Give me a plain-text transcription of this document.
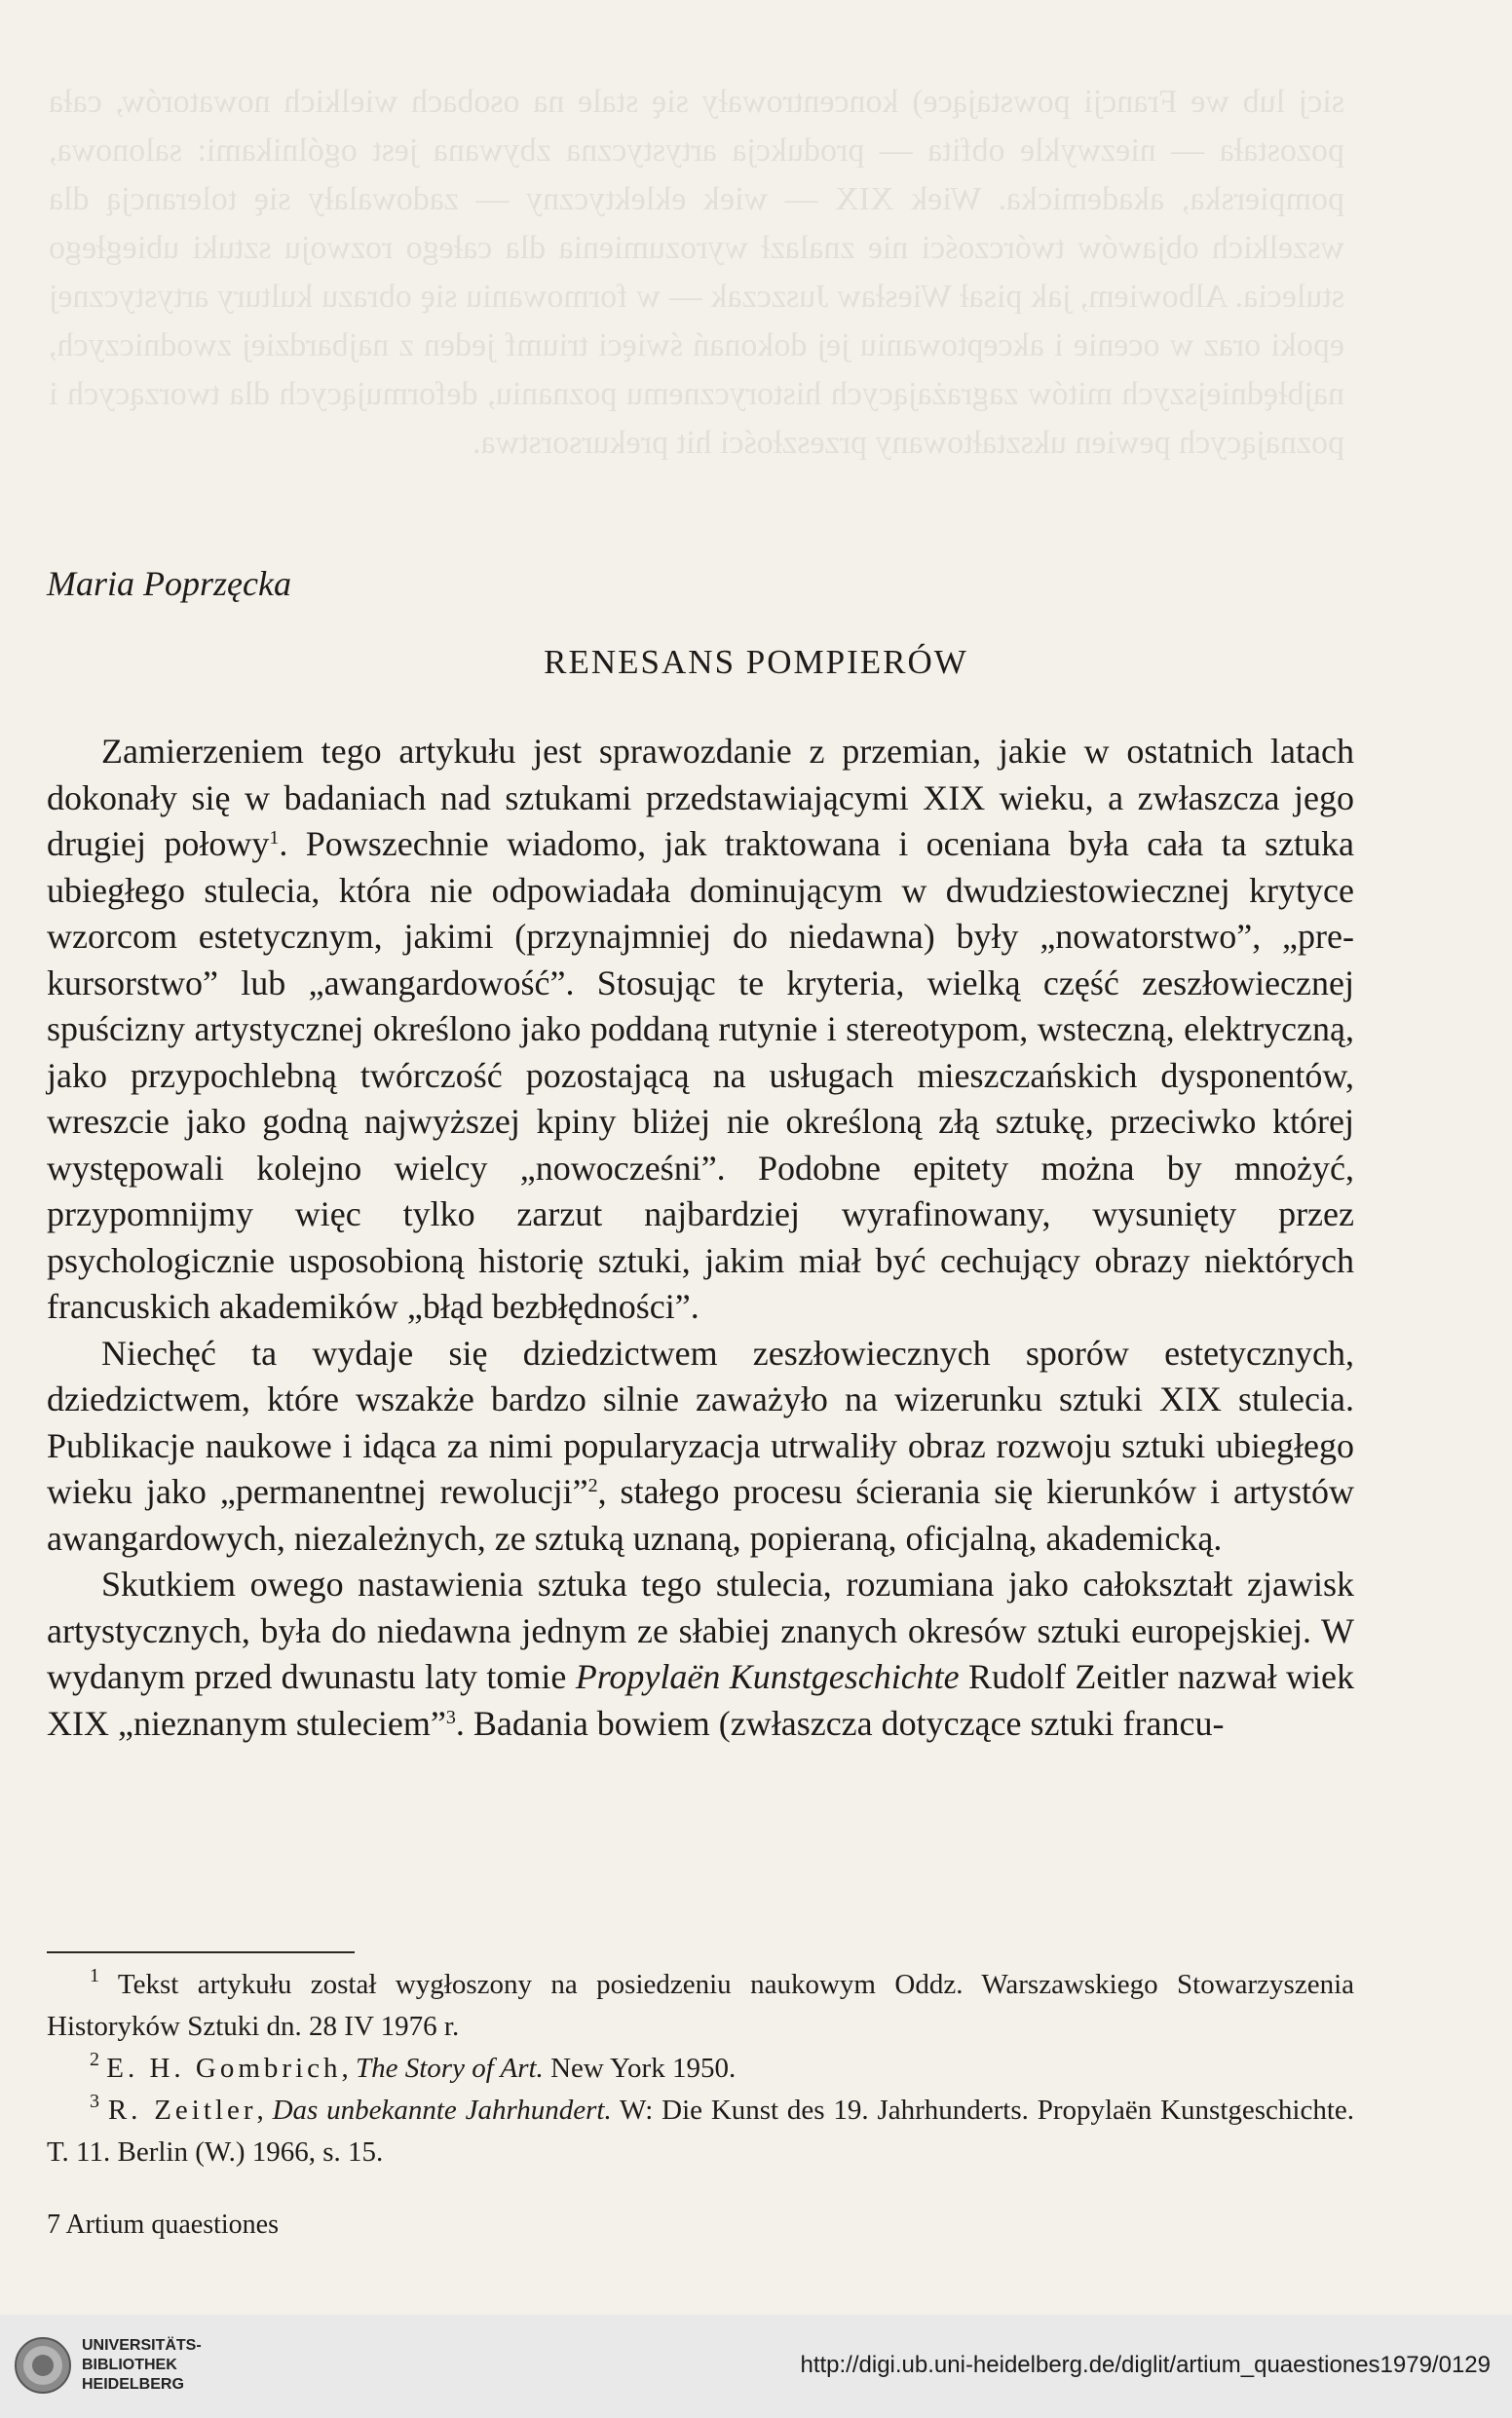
sicj lub we Francji powstające) koncentrowały się stale na osobach wielkich nowatorów, cała pozostała — niezwykle obfita — produkcja artystyczna zbywana jest ogólnikami: salonowa, pompierska, akademicka. Wiek XIX — wiek eklektyczny — zadowalały się tolerancją dla wszelkich objawów twórczości nie znalazł wyrozumienia dla całego rozwoju sztuki ubiegłego stulecia. Albowiem, jak pisał Wiesław Juszczak — w formowaniu się obrazu kultury artystycznej epoki oraz w ocenie i akceptowaniu jej dokonań święci triumf jeden z najbardziej zwodniczych, najbłędniejszych mitów zagrażających historycznemu poznaniu, deformujących dla tworzących i poznających pewien ukształtowany przeszłości hit prekursorstwa.

Maria Poprzęcka
RENESANS POMPIERÓW

Zamierzeniem tego artykułu jest sprawozdanie z przemian, jakie w ostatnich latach dokonały się w badaniach nad sztukami przedstawiającymi XIX wieku, a zwłaszcza jego drugiej połowy$^1$. Powszechnie wiadomo, jak traktowana i oceniana była cała ta sztuka ubiegłego stulecia, która nie odpowiadała dominującym w dwudziestowiecznej krytyce wzorcom estetycznym, jakimi (przynajmniej do niedawna) były „nowatorstwo”, „prekursorstwo” lub „awangardowość”. Stosując te kryteria, wielką część zeszłowiecznej spuścizny artystycznej określono jako poddaną rutynie i stereotypom, wsteczną, elektryczną, jako przypochlebną twórczość pozostającą na usługach mieszczańskich dysponentów, wreszcie jako godną najwyższej kpiny bliżej nie określoną złą sztukę, przeciwko której występowali kolejno wielcy „nowocześni”. Podobne epitety można by mnożyć, przypomnijmy więc tylko zarzut najbardziej wyrafinowany, wysunięty przez psychologicznie usposobioną historię sztuki, jakim miał być cechujący obrazy niektórych francuskich akademików „błąd bezbłędności”.

Niechęć ta wydaje się dziedzictwem zeszłowiecznych sporów estetycznych, dziedzictwem, które wszakże bardzo silnie zaważyło na wizerunku sztuki XIX stulecia. Publikacje naukowe i idąca za nimi popularyzacja utrwaliły obraz rozwoju sztuki ubiegłego wieku jako „permanentnej rewolucji”$^2$, stałego procesu ścierania się kierunków i artystów awangardowych, niezależnych, ze sztuką uznaną, popieraną, oficjalną, akademicką.

Skutkiem owego nastawienia sztuka tego stulecia, rozumiana jako całokształt zjawisk artystycznych, była do niedawna jednym ze słabiej znanych okresów sztuki europejskiej. W wydanym przed dwunastu laty tomie Propylaën Kunstgeschichte Rudolf Zeitler nazwał wiek XIX „nieznanym stuleciem”$^3$. Badania bowiem (zwłaszcza dotyczące sztuki francu-

$^1$ Tekst artykułu został wygłoszony na posiedzeniu naukowym Oddz. Warszawskiego Stowarzyszenia Historyków Sztuki dn. 28 IV 1976 r.

$^2$ E. H. Gombrich, The Story of Art. New York 1950.

$^3$ R. Zeitler, Das unbekannte Jahrhundert. W: Die Kunst des 19. Jahrhunderts. Propylaën Kunstgeschichte. T. 11. Berlin (W.) 1966, s. 15.

7 Artium quaestiones
UNIVERSITÄTS-
BIBLIOTHEK
HEIDELBERG
http://digi.ub.uni-heidelberg.de/diglit/artium_quaestiones1979/0129
